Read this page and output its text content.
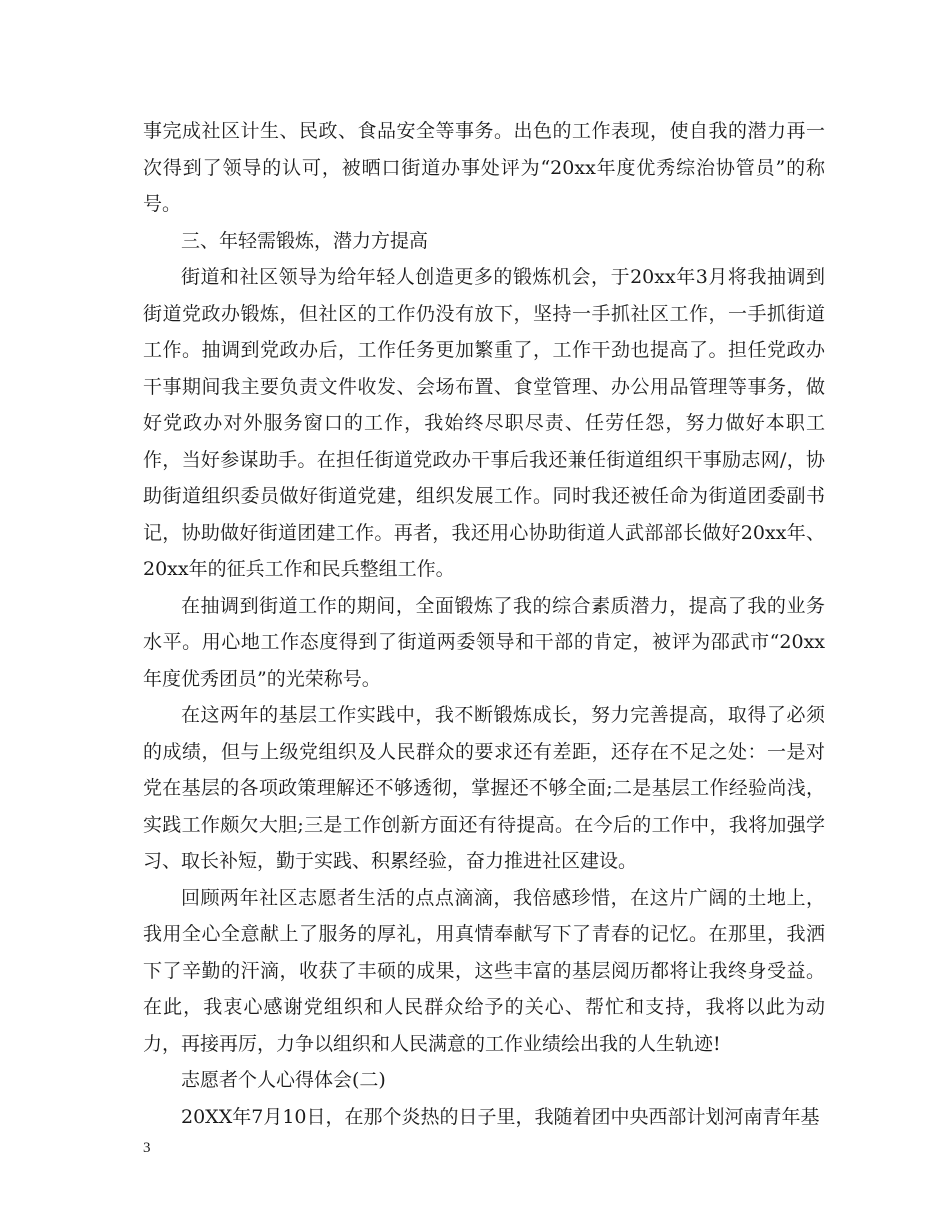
事完成社区计生、民政、食品安全等事务。出色的工作表现，使自我的潜力再一次得到了领导的认可，被晒口街道办事处评为“20xx年度优秀综治协管员”的称号。

三、年轻需锻炼，潜力方提高

街道和社区领导为给年轻人创造更多的锻炼机会，于20xx年3月将我抽调到街道党政办锻炼，但社区的工作仍没有放下，坚持一手抓社区工作，一手抓街道工作。抽调到党政办后，工作任务更加繁重了，工作干劲也提高了。担任党政办干事期间我主要负责文件收发、会场布置、食堂管理、办公用品管理等事务，做好党政办对外服务窗口的工作，我始终尽职尽责、任劳任怨，努力做好本职工作，当好参谋助手。在担任街道党政办干事后我还兼任街道组织干事励志网/，协助街道组织委员做好街道党建，组织发展工作。同时我还被任命为街道团委副书记，协助做好街道团建工作。再者，我还用心协助街道人武部部长做好20xx年、20xx年的征兵工作和民兵整组工作。

在抽调到街道工作的期间，全面锻炼了我的综合素质潜力，提高了我的业务水平。用心地工作态度得到了街道两委领导和干部的肯定，被评为邵武市“20xx年度优秀团员”的光荣称号。

在这两年的基层工作实践中，我不断锻炼成长，努力完善提高，取得了必须的成绩，但与上级党组织及人民群众的要求还有差距，还存在不足之处：一是对党在基层的各项政策理解还不够透彻，掌握还不够全面;二是基层工作经验尚浅，实践工作颇欠大胆;三是工作创新方面还有待提高。在今后的工作中，我将加强学习、取长补短，勤于实践、积累经验，奋力推进社区建设。

回顾两年社区志愿者生活的点点滴滴，我倍感珍惜，在这片广阔的土地上，我用全心全意献上了服务的厚礼，用真情奉献写下了青春的记忆。在那里，我洒下了辛勤的汗滴，收获了丰硕的成果，这些丰富的基层阅历都将让我终身受益。在此，我衷心感谢党组织和人民群众给予的关心、帮忙和支持，我将以此为动力，再接再厉，力争以组织和人民满意的工作业绩绘出我的人生轨迹!

志愿者个人心得体会(二)

20XX年7月10日，在那个炎热的日子里，我随着团中央西部计划河南青年基

3
